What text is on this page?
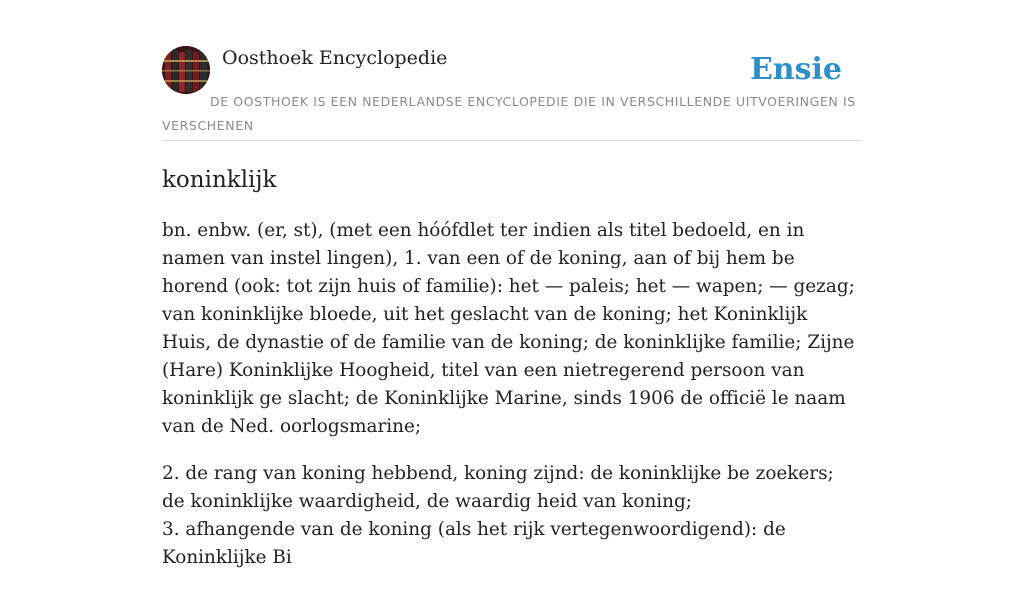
Oosthoek Encyclopedie	Ensie
DE OOSTHOEK IS EEN NEDERLANDSE ENCYCLOPEDIE DIE IN VERSCHILLENDE UITVOERINGEN IS VERSCHENEN
koninklijk

bn. enbw. (er, st), (met een hóófdlet ter indien als titel bedoeld, en in namen van instel lingen), 1. van een of de koning, aan of bij hem be horend (ook: tot zijn huis of familie): het — paleis; het — wapen; — gezag; van koninklijke bloede, uit het geslacht van de koning; het Koninklijk Huis, de dynastie of de familie van de koning; de koninklijke familie; Zijne (Hare) Koninklijke Hoogheid, titel van een nietregerend persoon van koninklijk ge slacht; de Koninklijke Marine, sinds 1906 de officië le naam van de Ned. oorlogsmarine;

2. de rang van koning hebbend, koning zijnd: de koninklijke be zoekers; de koninklijke waardigheid, de waardig heid van koning;
3. afhangende van de koning (als het rijk vertegenwoordigend): de Koninklijke Bi
